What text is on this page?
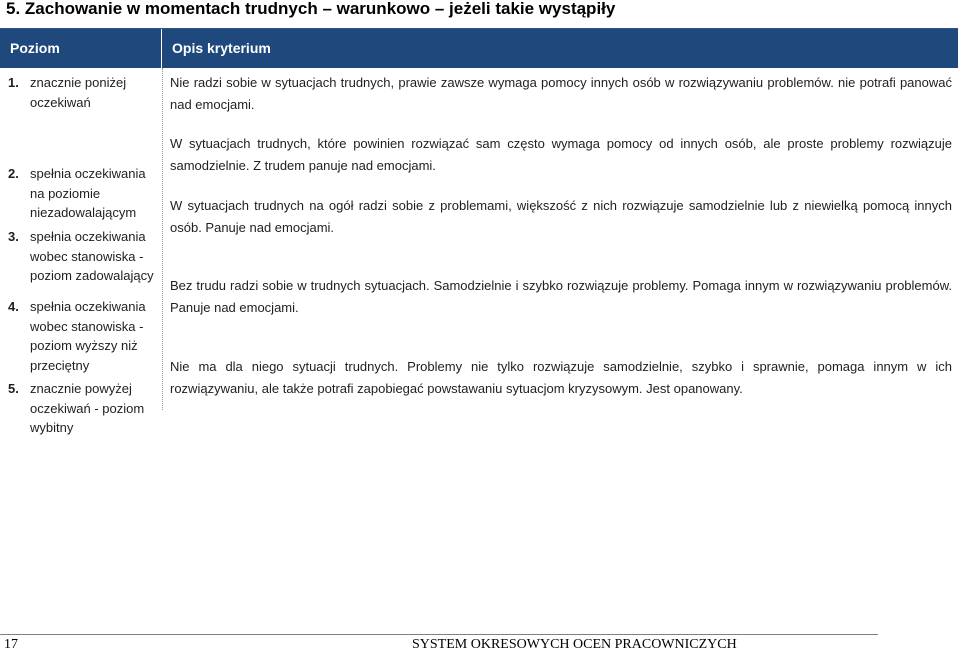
5. Zachowanie w momentach trudnych – warunkowo – jeżeli takie wystąpiły
Poziom	Opis kryterium
1. znacznie poniżej oczekiwań
Nie radzi sobie w sytuacjach trudnych, prawie zawsze wymaga pomocy innych osób w rozwiązywaniu problemów. nie potrafi panować nad emocjami.
2. spełnia oczekiwania na poziomie niezadowalającym
W sytuacjach trudnych, które powinien rozwiązać sam często wymaga pomocy od innych osób, ale proste problemy rozwiązuje samodzielnie. Z trudem panuje nad emocjami.
3. spełnia oczekiwania wobec stanowiska - poziom zadowalający
W sytuacjach trudnych na ogół radzi sobie z problemami, większość z nich rozwiązuje samodzielnie lub z niewielką pomocą innych osób. Panuje nad emocjami.
4. spełnia oczekiwania wobec stanowiska - poziom wyższy niż przeciętny
Bez trudu radzi sobie w trudnych sytuacjach. Samodzielnie i szybko rozwiązuje problemy. Pomaga innym w rozwiązywaniu problemów. Panuje nad emocjami.
5. znacznie powyżej oczekiwań - poziom wybitny
Nie ma dla niego sytuacji trudnych. Problemy nie tylko rozwiązuje samodzielnie, szybko i sprawnie, pomaga innym w ich rozwiązywaniu, ale także potrafi zapobiegać powstawaniu sytuacjom kryzysowym. Jest opanowany.
17	SYSTEM OKRESOWYCH OCEN PRACOWNICZYCH
